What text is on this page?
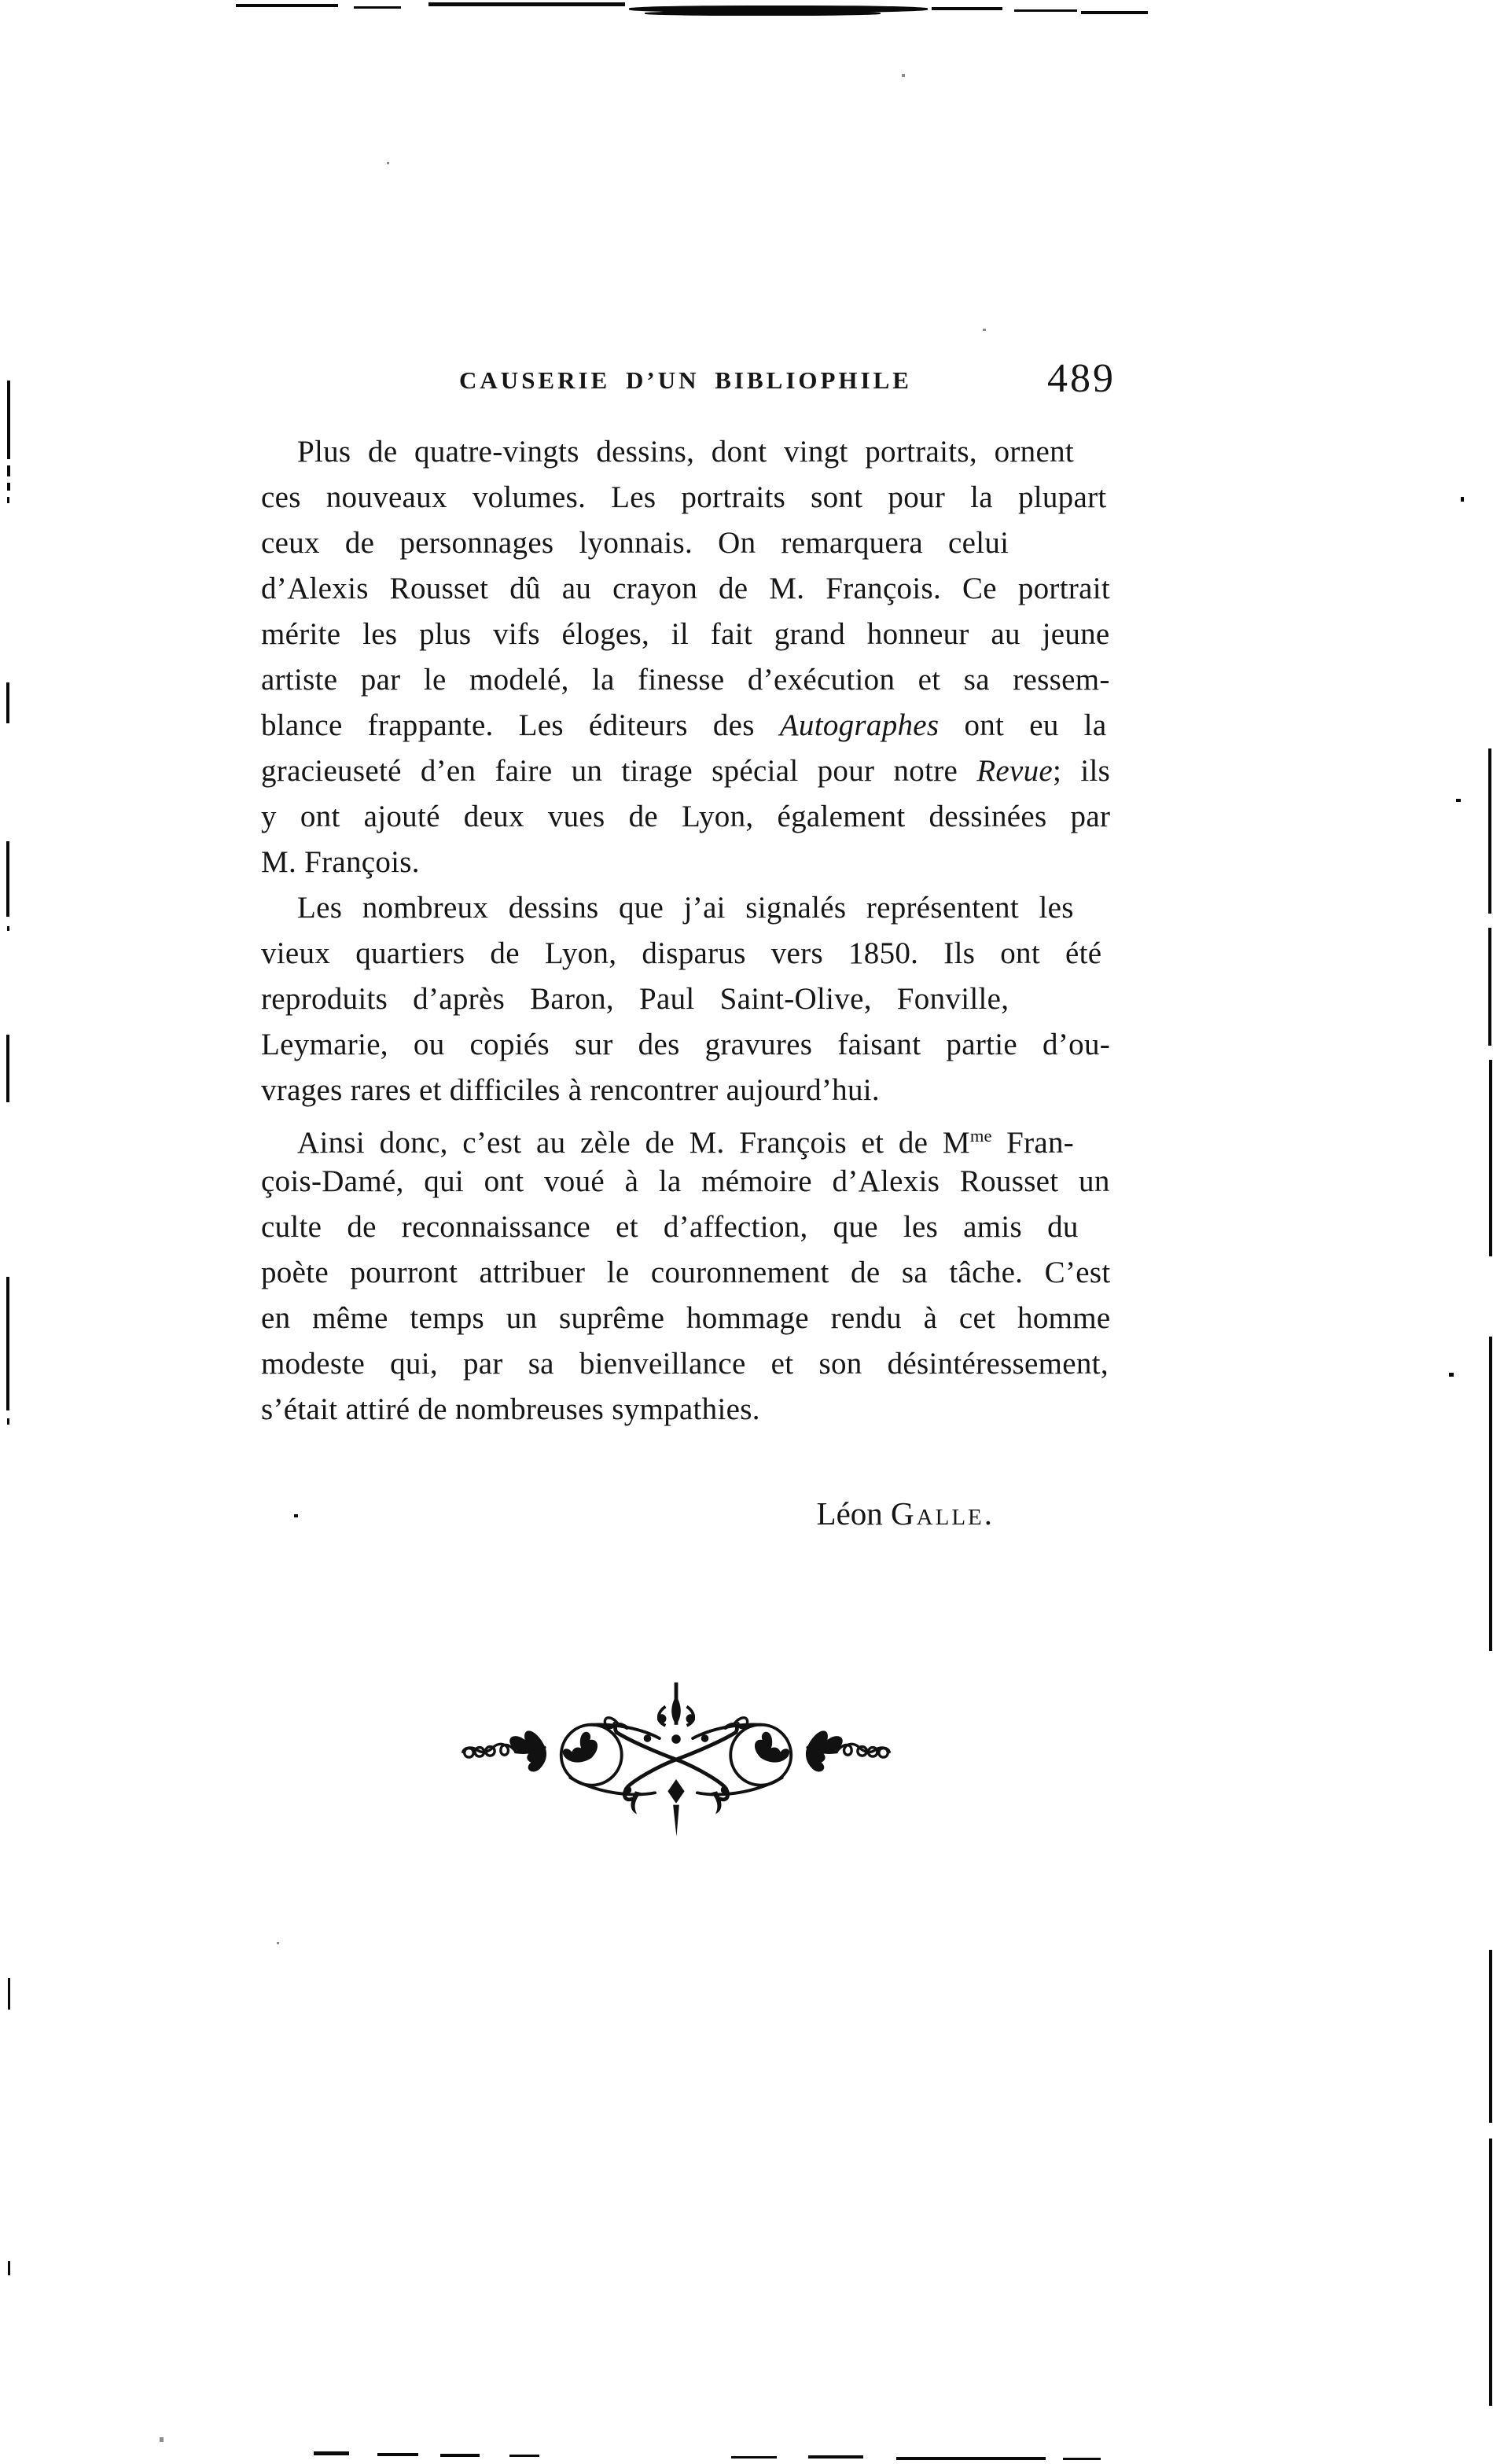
CAUSERIE D’UN BIBLIOPHILE	489
Plus de quatre-vingts dessins, dont vingt portraits, ornent
ces nouveaux volumes. Les portraits sont pour la plupart
ceux de personnages lyonnais. On remarquera celui
d’Alexis Rousset dû au crayon de M. François. Ce portrait
mérite les plus vifs éloges, il fait grand honneur au jeune
artiste par le modelé, la finesse d’exécution et sa ressem-
blance frappante. Les éditeurs des Autographes ont eu la
gracieuseté d’en faire un tirage spécial pour notre Revue; ils
y ont ajouté deux vues de Lyon, également dessinées par
M. François.
Les nombreux dessins que j’ai signalés représentent les
vieux quartiers de Lyon, disparus vers 1850. Ils ont été
reproduits d’après Baron, Paul Saint-Olive, Fonville,
Leymarie, ou copiés sur des gravures faisant partie d’ou-
vrages rares et difficiles à rencontrer aujourd’hui.
Ainsi donc, c’est au zèle de M. François et de $M^{me}$ Fran-
çois-Damé, qui ont voué à la mémoire d’Alexis Rousset un
culte de reconnaissance et d’affection, que les amis du
poète pourront attribuer le couronnement de sa tâche. C’est
en même temps un suprême hommage rendu à cet homme
modeste qui, par sa bienveillance et son désintéressement,
s’était attiré de nombreuses sympathies.
Léon Galle.
